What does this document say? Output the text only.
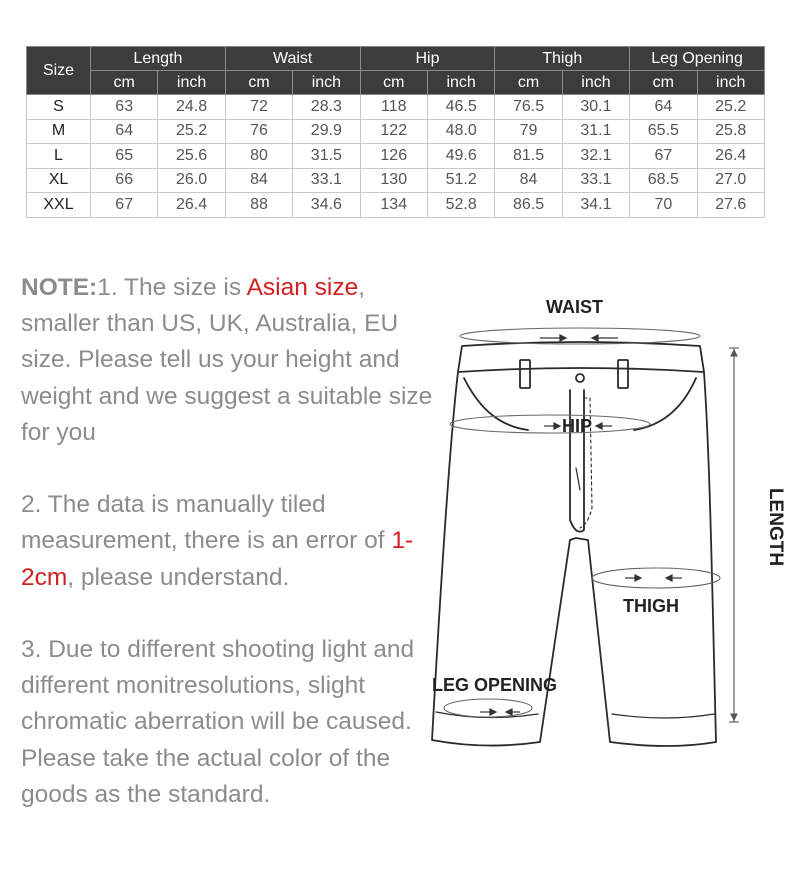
Size	Length		Waist		Hip		Thigh		Leg Opening	
	cm	inch	cm	inch	cm	inch	cm	inch	cm	inch
S	63	24.8	72	28.3	118	46.5	76.5	30.1	64	25.2
M	64	25.2	76	29.9	122	48.0	79	31.1	65.5	25.8
L	65	25.6	80	31.5	126	49.6	81.5	32.1	67	26.4
XL	66	26.0	84	33.1	130	51.2	84	33.1	68.5	27.0
XXL	67	26.4	88	34.6	134	52.8	86.5	34.1	70	27.6

NOTE:1. The size is Asian size, smaller than US, UK, Australia, EU size. Please tell us your height and weight and we suggest a suitable size for you

2. The data is manually tiled measurement, there is an error of 1-2cm, please understand.

3. Due to different shooting light and different monitresolutions, slight chromatic aberration will be caused. Please take the actual color of the goods as the standard.

WAIST
HIP
THIGH
LEG OPENING
LENGTH
